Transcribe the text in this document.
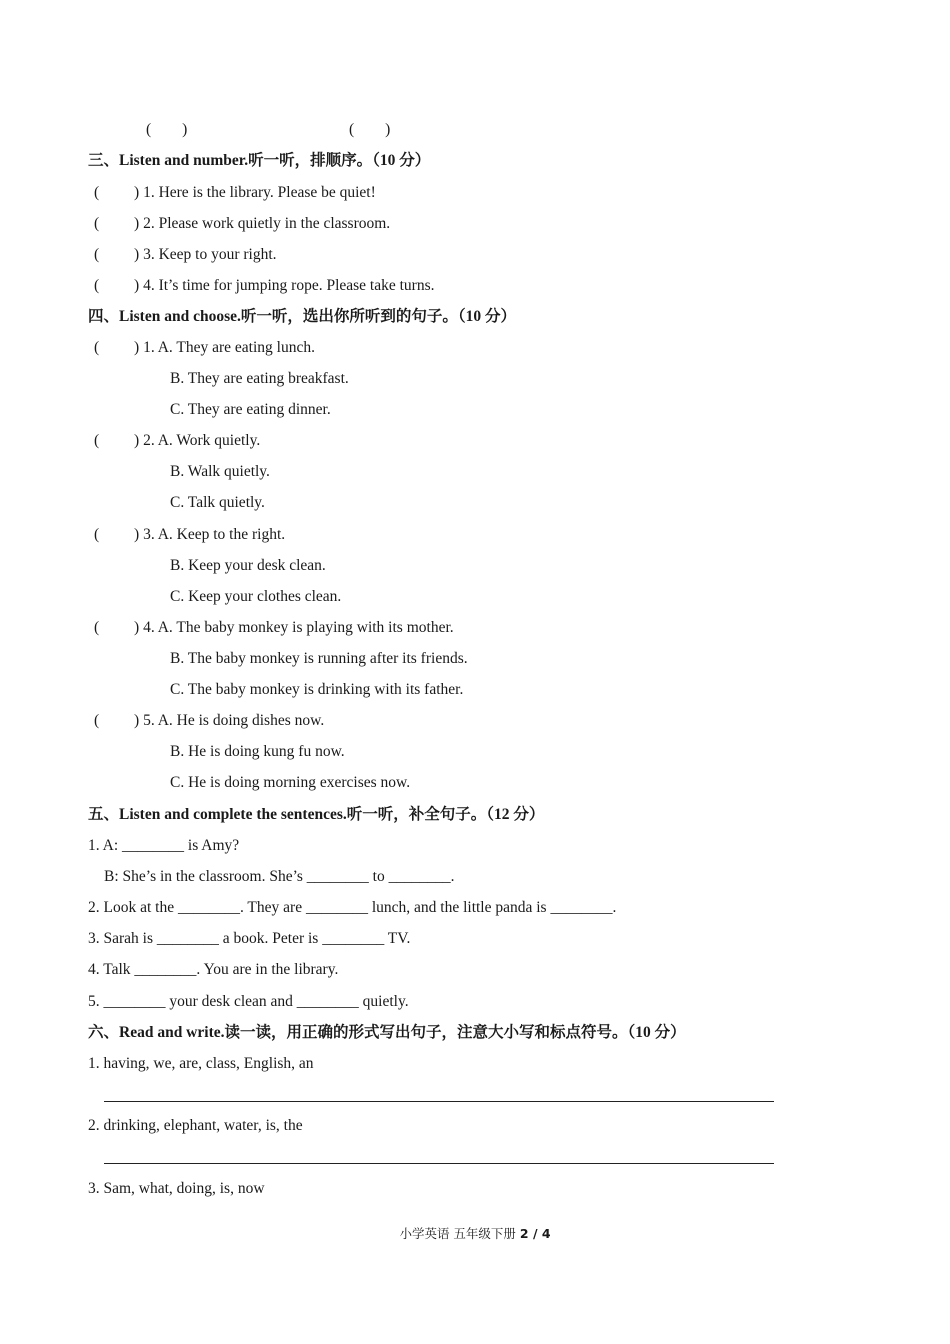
(　　)	(　　)
三、Listen and number.听一听，排顺序。（10 分）
(　　 ) 1. Here is the library. Please be quiet!
(　　 ) 2. Please work quietly in the classroom.
(　　 ) 3. Keep to your right.
(　　 ) 4. It’s time for jumping rope. Please take turns.
四、Listen and choose.听一听，选出你所听到的句子。（10 分）
(　　 ) 1. A. They are eating lunch.
B. They are eating breakfast.
C. They are eating dinner.
(　　 ) 2. A. Work quietly.
B. Walk quietly.
C. Talk quietly.
(　　 ) 3. A. Keep to the right.
B. Keep your desk clean.
C. Keep your clothes clean.
(　　 ) 4. A. The baby monkey is playing with its mother.
B. The baby monkey is running after its friends.
C. The baby monkey is drinking with its father.
(　　 ) 5. A. He is doing dishes now.
B. He is doing kung fu now.
C. He is doing morning exercises now.
五、Listen and complete the sentences.听一听，补全句子。（12 分）
1. A: ________ is Amy?
B: She’s in the classroom. She’s ________ to ________.
2. Look at the ________. They are ________ lunch, and the little panda is ________.
3. Sarah is ________ a book. Peter is ________ TV.
4. Talk ________. You are in the library.
5. ________ your desk clean and ________ quietly.
六、Read and write.读一读，用正确的形式写出句子，注意大小写和标点符号。（10 分）
1. having, we, are, class, English, an
2. drinking, elephant, water, is, the
3. Sam, what, doing, is, now
小学英语 五年级下册 2 / 4
